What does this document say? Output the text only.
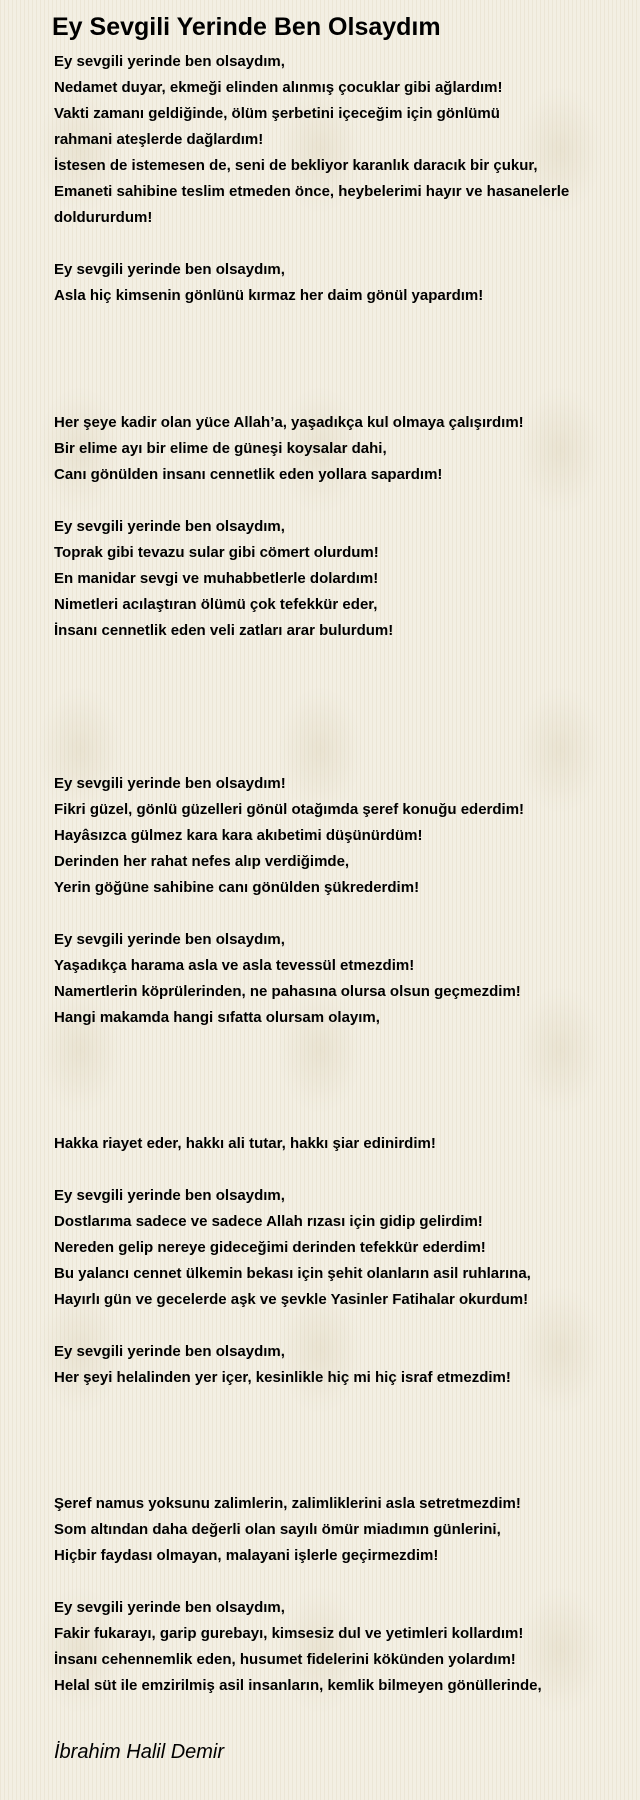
Ey Sevgili Yerinde Ben Olsaydım
Ey sevgili yerinde ben olsaydım,
Nedamet duyar, ekmeği elinden alınmış çocuklar gibi ağlardım!
Vakti zamanı geldiğinde, ölüm şerbetini içeceğim için gönlümü
rahmani ateşlerde dağlardım!
İstesen de istemesen de, seni de bekliyor karanlık daracık bir çukur,
Emaneti sahibine teslim etmeden önce, heybelerimi hayır ve hasanelerle
doldururdum!
Ey sevgili yerinde ben olsaydım,
Asla hiç kimsenin gönlünü kırmaz her daim gönül yapardım!
Her şeye kadir olan yüce Allah’a, yaşadıkça kul olmaya çalışırdım!
Bir elime ayı bir elime de güneşi koysalar dahi,
Canı gönülden insanı cennetlik eden yollara sapardım!
Ey sevgili yerinde ben olsaydım,
Toprak gibi tevazu sular gibi cömert olurdum!
En manidar sevgi ve muhabbetlerle dolardım!
Nimetleri acılaştıran ölümü çok tefekkür eder,
İnsanı cennetlik eden veli zatları arar bulurdum!
Ey sevgili yerinde ben olsaydım!
Fikri güzel, gönlü güzelleri gönül otağımda şeref konuğu ederdim!
Hayâsızca gülmez kara kara akıbetimi düşünürdüm!
Derinden her rahat nefes alıp verdiğimde,
Yerin göğüne sahibine canı gönülden şükrederdim!
Ey sevgili yerinde ben olsaydım,
Yaşadıkça harama asla ve asla tevessül etmezdim!
Namertlerin köprülerinden, ne pahasına olursa olsun geçmezdim!
Hangi makamda hangi sıfatta olursam olayım,
Hakka riayet eder, hakkı ali tutar, hakkı şiar edinirdim!
Ey sevgili yerinde ben olsaydım,
Dostlarıma sadece ve sadece Allah rızası için gidip gelirdim!
Nereden gelip nereye gideceğimi derinden tefekkür ederdim!
Bu yalancı cennet ülkemin bekası için şehit olanların asil ruhlarına,
Hayırlı gün ve gecelerde aşk ve şevkle Yasinler Fatihalar okurdum!
Ey sevgili yerinde ben olsaydım,
Her şeyi helalinden yer içer, kesinlikle hiç mi hiç israf etmezdim!
Şeref namus yoksunu zalimlerin, zalimliklerini asla setretmezdim!
Som altından daha değerli olan sayılı ömür miadımın günlerini,
Hiçbir faydası olmayan, malayani işlerle geçirmezdim!
Ey sevgili yerinde ben olsaydım,
Fakir fukarayı, garip gurebayı, kimsesiz dul ve yetimleri kollardım!
İnsanı cehennemlik eden, husumet fidelerini kökünden yolardım!
Helal süt ile emzirilmiş asil insanların, kemlik bilmeyen gönüllerinde,
İbrahim Halil Demir
